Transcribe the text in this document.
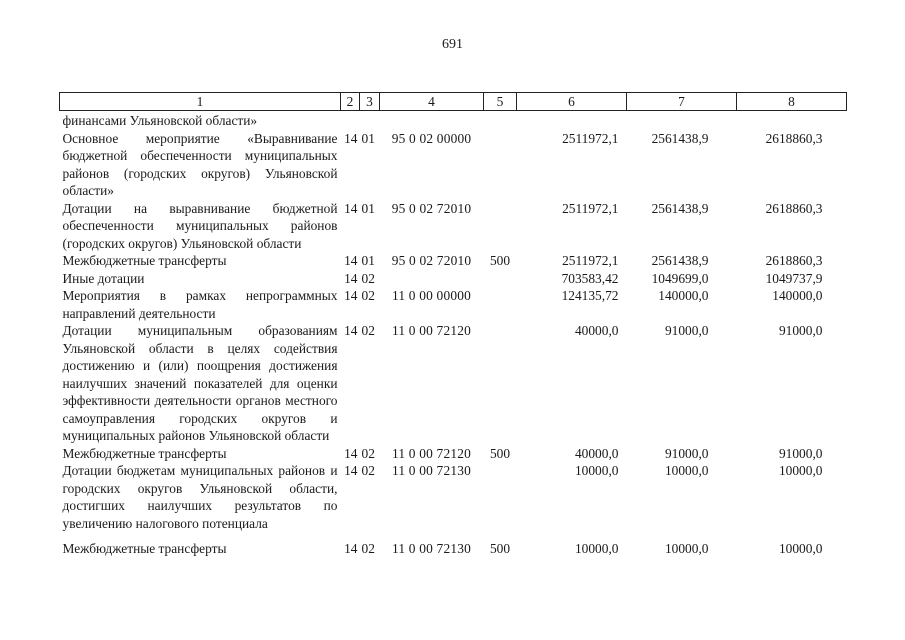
691
1	2	3	4	5	6	7	8
финансами Ульяновской области»							
Основное мероприятие «Выравнивание бюджетной обеспеченности муниципальных районов (городских округов) Ульяновской области»	14	01	95 0 02 00000		2511972,1	2561438,9	2618860,3
Дотации на выравнивание бюджетной обеспеченности муниципальных районов (городских округов) Ульяновской области	14	01	95 0 02 72010		2511972,1	2561438,9	2618860,3
Межбюджетные трансферты	14	01	95 0 02 72010	500	2511972,1	2561438,9	2618860,3
Иные дотации	14	02			703583,42	1049699,0	1049737,9
Мероприятия в рамках непрограммных направлений деятельности	14	02	11 0 00 00000		124135,72	140000,0	140000,0
Дотации муниципальным образованиям Ульяновской области в целях содействия достижению и (или) поощрения достижения наилучших значений показателей для оценки эффективности деятельности органов местного самоуправления городских округов и муниципальных районов Ульяновской области	14	02	11 0 00 72120		40000,0	91000,0	91000,0
Межбюджетные трансферты	14	02	11 0 00 72120	500	40000,0	91000,0	91000,0
Дотации бюджетам муниципальных районов и городских округов Ульяновской области, достигших наилучших результатов по увеличению налогового потенциала	14	02	11 0 00 72130		10000,0	10000,0	10000,0
Межбюджетные трансферты	14	02	11 0 00 72130	500	10000,0	10000,0	10000,0
